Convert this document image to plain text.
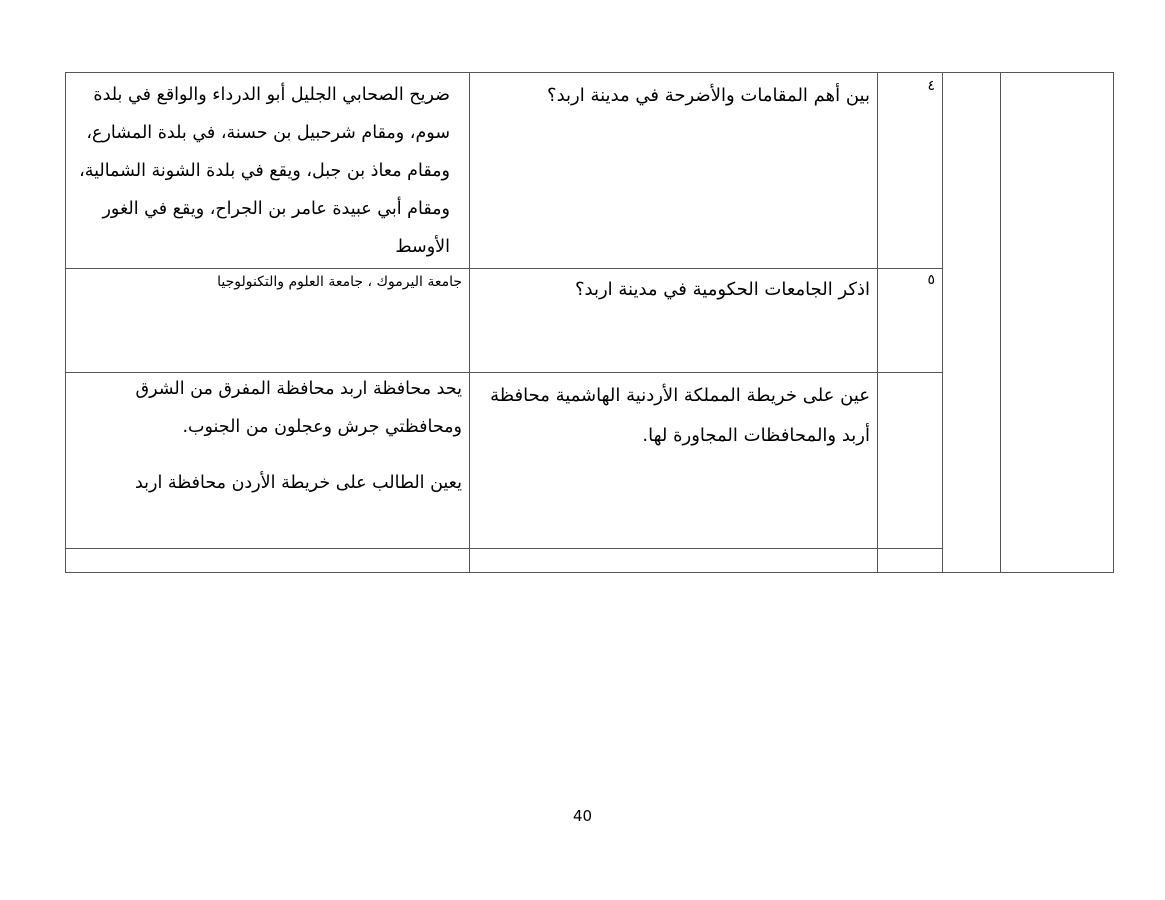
٤
بين أهم المقامات والأضرحة في مدينة اربد؟
ضريح الصحابي الجليل أبو الدرداء والواقع في بلدة
سوم، ومقام شرحبيل بن حسنة، في بلدة المشارع،
ومقام معاذ بن جبل، ويقع في بلدة الشونة الشمالية،
ومقام أبي عبيدة عامر بن الجراح، ويقع في الغور
الأوسط
٥
اذكر الجامعات الحكومية في مدينة اربد؟
جامعة اليرموك ، جامعة العلوم والتكنولوجيا
عين على خريطة المملكة الأردنية الهاشمية محافظة
أربد والمحافظات المجاورة لها.
يحد محافظة اربد محافظة المفرق من الشرق
ومحافظتي جرش وعجلون من الجنوب.
يعين الطالب على خريطة الأردن محافظة اربد
40
